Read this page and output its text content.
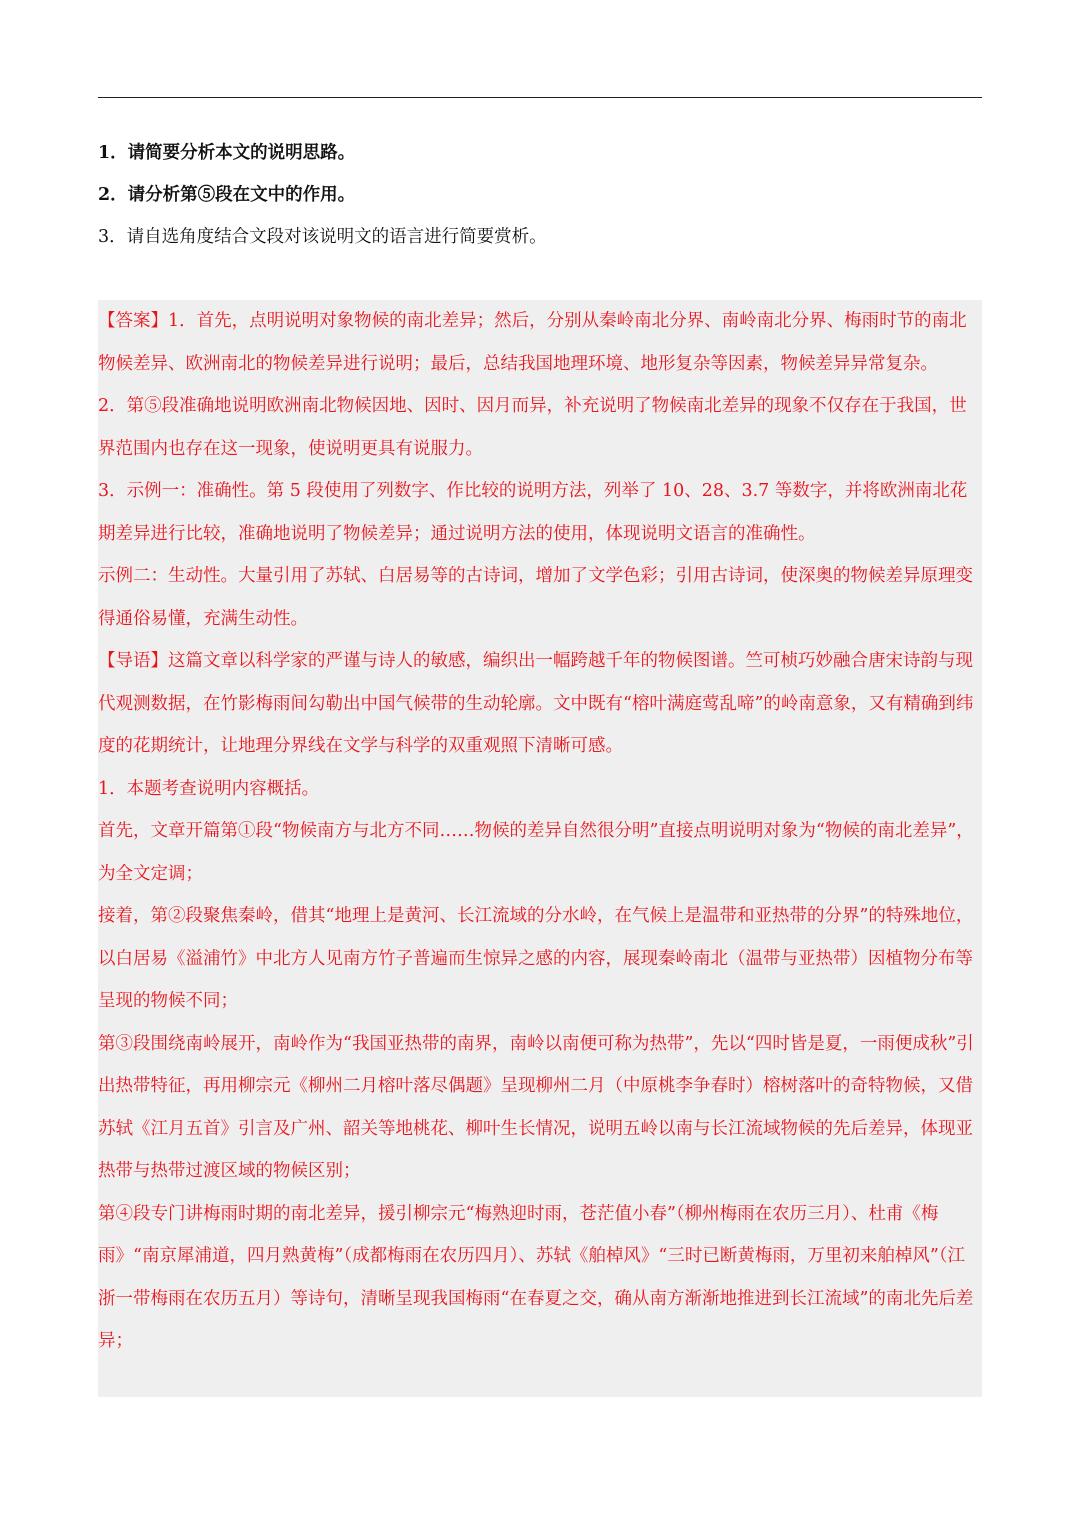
1．请简要分析本文的说明思路。
2．请分析第⑤段在文中的作用。
3．请自选角度结合文段对该说明文的语言进行简要赏析。

【答案】1．首先，点明说明对象物候的南北差异；然后，分别从秦岭南北分界、南岭南北分界、梅雨时节的南北物候差异、欧洲南北的物候差异进行说明；最后，总结我国地理环境、地形复杂等因素，物候差异异常复杂。

2．第⑤段准确地说明欧洲南北物候因地、因时、因月而异，补充说明了物候南北差异的现象不仅存在于我国，世界范围内也存在这一现象，使说明更具有说服力。

3．示例一：准确性。第 5 段使用了列数字、作比较的说明方法，列举了 10、28、3.7 等数字，并将欧洲南北花期差异进行比较，准确地说明了物候差异；通过说明方法的使用，体现说明文语言的准确性。

示例二：生动性。大量引用了苏轼、白居易等的古诗词，增加了文学色彩；引用古诗词，使深奥的物候差异原理变得通俗易懂，充满生动性。

【导语】这篇文章以科学家的严谨与诗人的敏感，编织出一幅跨越千年的物候图谱。竺可桢巧妙融合唐宋诗韵与现代观测数据，在竹影梅雨间勾勒出中国气候带的生动轮廓。文中既有“榕叶满庭莺乱啼”的岭南意象，又有精确到纬度的花期统计，让地理分界线在文学与科学的双重观照下清晰可感。

1．本题考查说明内容概括。

首先，文章开篇第①段“物候南方与北方不同……物候的差异自然很分明”直接点明说明对象为“物候的南北差异”，为全文定调；

接着，第②段聚焦秦岭，借其“地理上是黄河、长江流域的分水岭，在气候上是温带和亚热带的分界”的特殊地位，以白居易《溢浦竹》中北方人见南方竹子普遍而生惊异之感的内容，展现秦岭南北（温带与亚热带）因植物分布等呈现的物候不同；

第③段围绕南岭展开，南岭作为“我国亚热带的南界，南岭以南便可称为热带”，先以“四时皆是夏，一雨便成秋”引出热带特征，再用柳宗元《柳州二月榕叶落尽偶题》呈现柳州二月（中原桃李争春时）榕树落叶的奇特物候，又借苏轼《江月五首》引言及广州、韶关等地桃花、柳叶生长情况，说明五岭以南与长江流域物候的先后差异，体现亚热带与热带过渡区域的物候区别；

第④段专门讲梅雨时期的南北差异，援引柳宗元“梅熟迎时雨，苍茫值小春”（柳州梅雨在农历三月）、杜甫《梅雨》“南京犀浦道，四月熟黄梅”（成都梅雨在农历四月）、苏轼《舶棹风》“三时已断黄梅雨，万里初来舶棹风”（江浙一带梅雨在农历五月）等诗句，清晰呈现我国梅雨“在春夏之交，确从南方渐渐地推进到长江流域”的南北先后差异；
